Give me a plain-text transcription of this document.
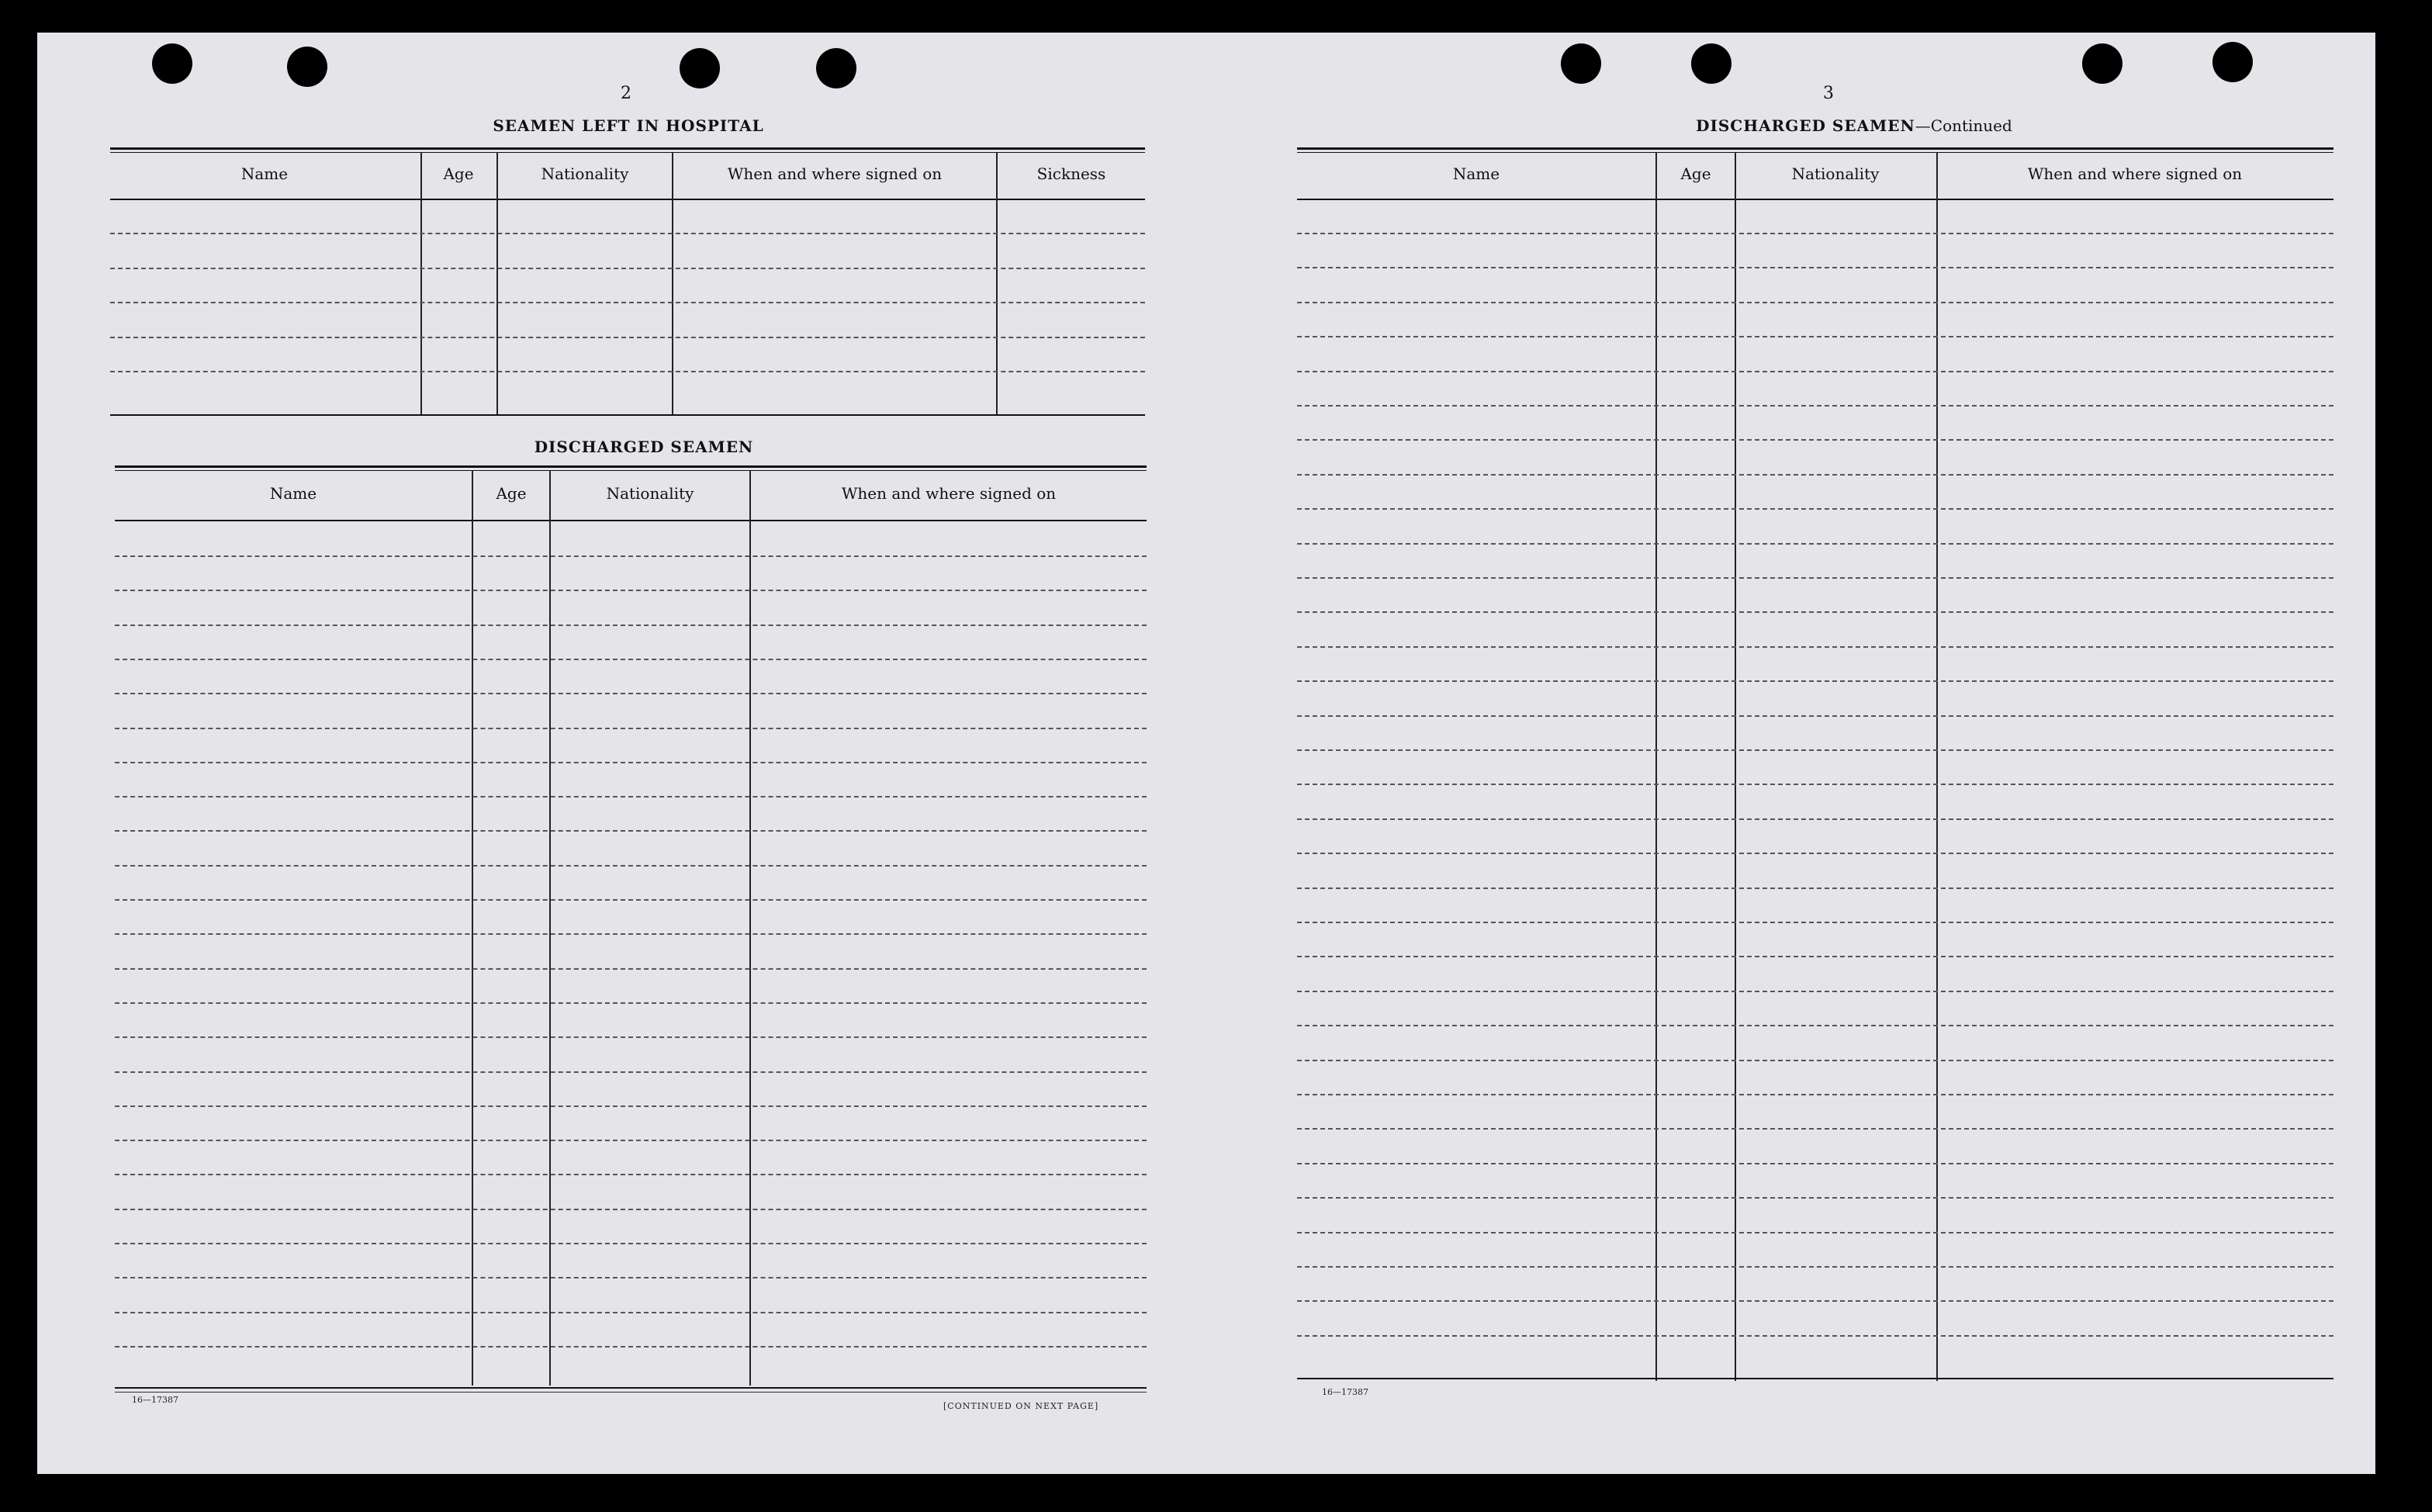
2
SEAMEN LEFT IN HOSPITAL
Name	Age	Nationality	When and where signed on	Sickness
DISCHARGED SEAMEN
Name	Age	Nationality	When and where signed on
16—17387
[CONTINUED ON NEXT PAGE]
3
DISCHARGED SEAMEN—Continued
Name	Age	Nationality	When and where signed on
16—17387
